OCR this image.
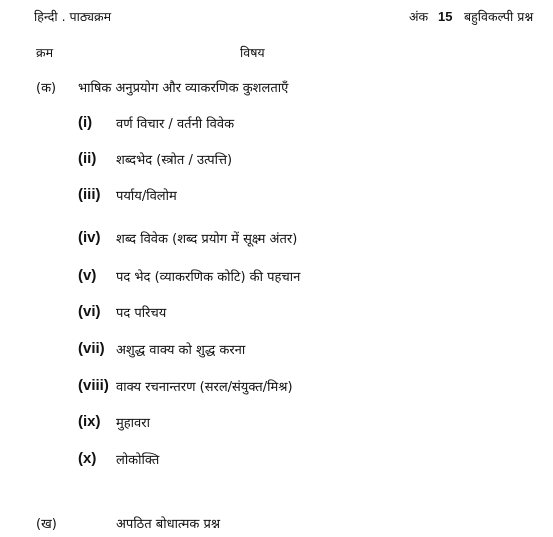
हिन्दी . पाठ्यक्रम	अंक 15 बहुविकल्पी प्रश्न
क्रम	विषय
(क) भाषिक अनुप्रयोग और व्याकरणिक कुशलताऍं
(i) वर्ण विचार / वर्तनी विवेक
(ii) शब्दभेद (स्त्रोत / उत्पत्ति)
(iii) पर्याय/विलोम
(iv) शब्द विवेक (शब्द प्रयोग में सूक्ष्म अंतर)
(v) पद भेद (व्याकरणिक कोटि) की पहचान
(vi) पद परिचय
(vii) अशुद्ध वाक्य को शुद्ध करना
(viii) वाक्य रचनान्तरण (सरल/संयुक्त/मिश्र)
(ix) मुहावरा
(x) लोकोक्ति
(ख)	अपठित बोधात्मक प्रश्न
